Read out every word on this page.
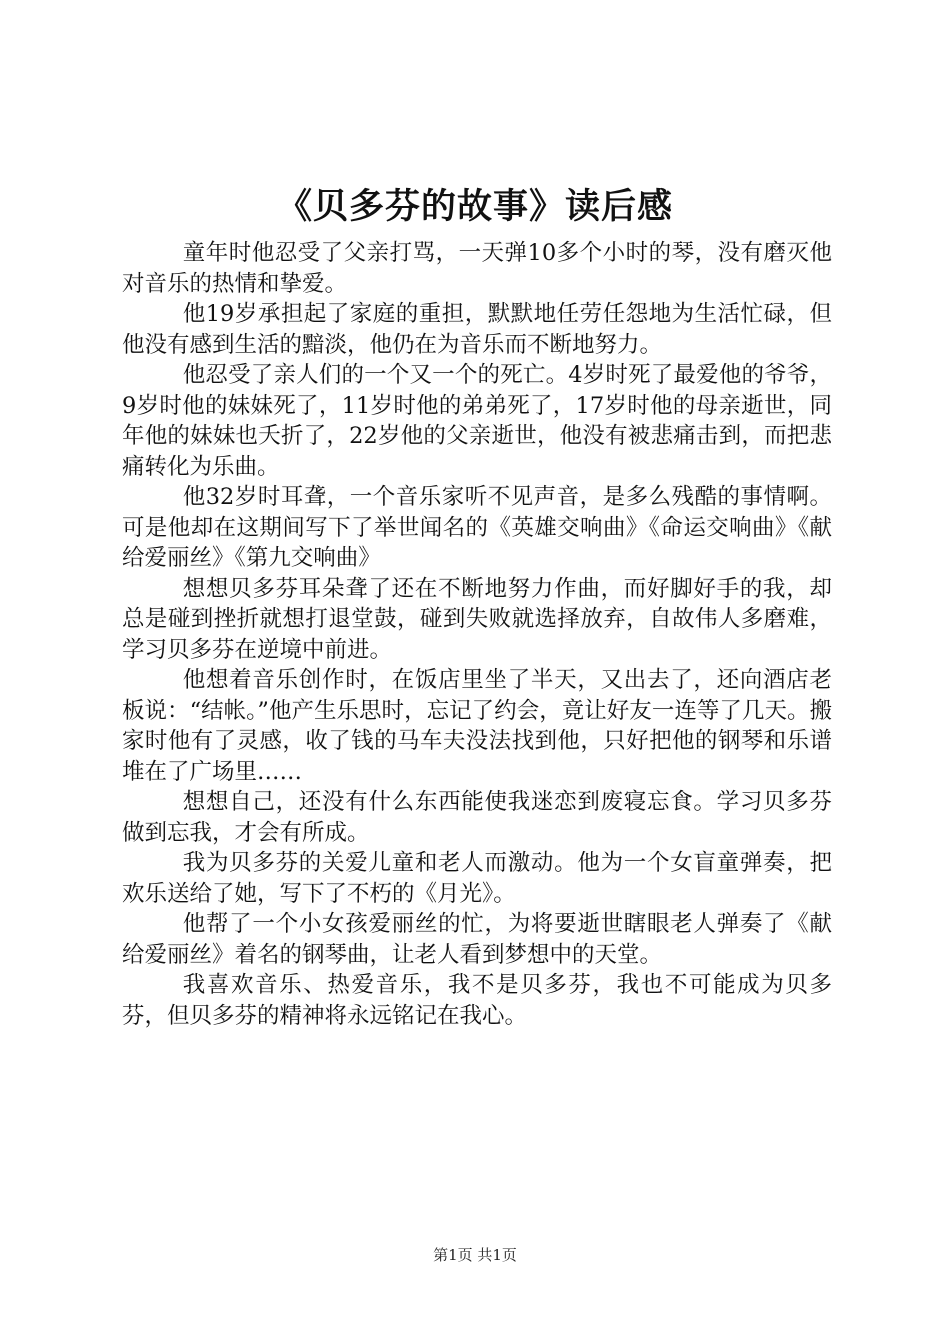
《贝多芬的故事》读后感

童年时他忍受了父亲打骂，一天弹10多个小时的琴，没有磨灭他对音乐的热情和挚爱。

他19岁承担起了家庭的重担，默默地任劳任怨地为生活忙碌，但他没有感到生活的黯淡，他仍在为音乐而不断地努力。

他忍受了亲人们的一个又一个的死亡。4岁时死了最爱他的爷爷，9岁时他的妹妹死了，11岁时他的弟弟死了，17岁时他的母亲逝世，同年他的妹妹也夭折了，22岁他的父亲逝世，他没有被悲痛击到，而把悲痛转化为乐曲。

他32岁时耳聋，一个音乐家听不见声音，是多么残酷的事情啊。可是他却在这期间写下了举世闻名的《英雄交响曲》《命运交响曲》《献给爱丽丝》《第九交响曲》

想想贝多芬耳朵聋了还在不断地努力作曲，而好脚好手的我，却总是碰到挫折就想打退堂鼓，碰到失败就选择放弃，自故伟人多磨难，学习贝多芬在逆境中前进。

他想着音乐创作时，在饭店里坐了半天，又出去了，还向酒店老板说：“结帐。”他产生乐思时，忘记了约会，竟让好友一连等了几天。搬家时他有了灵感，收了钱的马车夫没法找到他，只好把他的钢琴和乐谱堆在了广场里……

想想自己，还没有什么东西能使我迷恋到废寝忘食。学习贝多芬做到忘我，才会有所成。

我为贝多芬的关爱儿童和老人而激动。他为一个女盲童弹奏，把欢乐送给了她，写下了不朽的《月光》。

他帮了一个小女孩爱丽丝的忙，为将要逝世瞎眼老人弹奏了《献给爱丽丝》着名的钢琴曲，让老人看到梦想中的天堂。

我喜欢音乐、热爱音乐，我不是贝多芬，我也不可能成为贝多芬，但贝多芬的精神将永远铭记在我心。

第1页 共1页
